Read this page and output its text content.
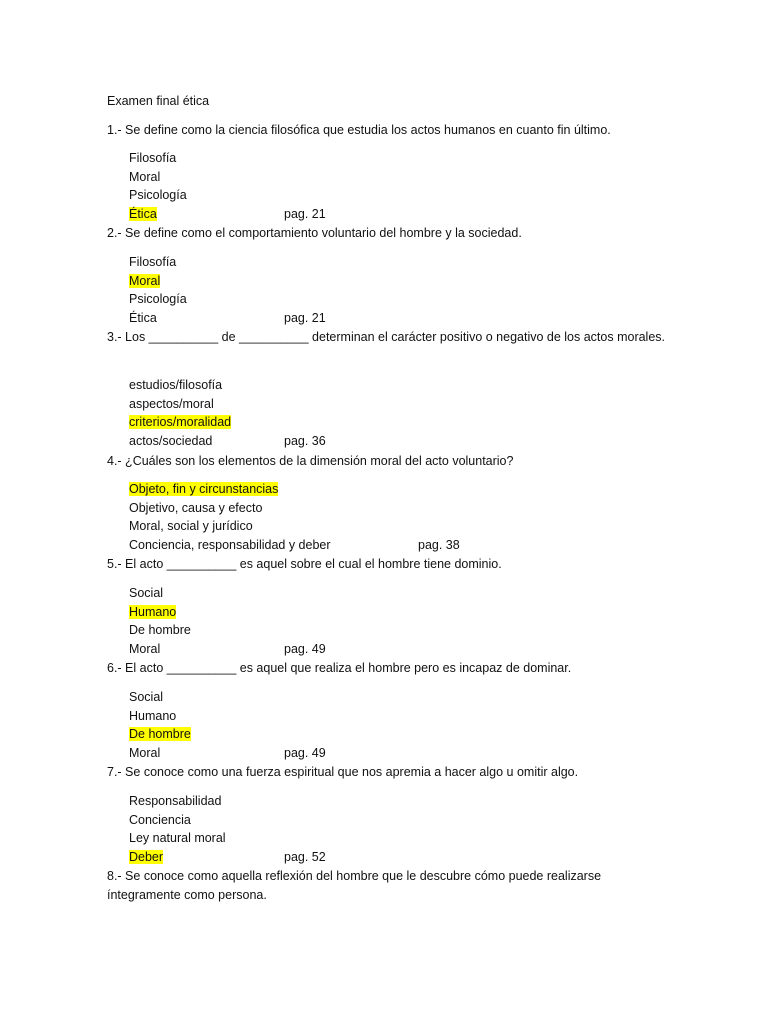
Examen final ética
1.- Se define como la ciencia filosófica que estudia los actos humanos en cuanto fin último.
Filosofía
Moral
Psicología
Ética	pag. 21
2.- Se define como el comportamiento voluntario del hombre y la sociedad.
Filosofía
Moral
Psicología
Ética	pag. 21
3.- Los __________ de __________ determinan el carácter positivo o negativo de los actos morales.
estudios/filosofía
aspectos/moral
criterios/moralidad
actos/sociedad	pag. 36
4.- ¿Cuáles son los elementos de la dimensión moral del acto voluntario?
Objeto, fin y circunstancias
Objetivo, causa y efecto
Moral, social y jurídico
Conciencia, responsabilidad y deber	pag. 38
5.- El acto __________ es aquel sobre el cual el hombre tiene dominio.
Social
Humano
De hombre
Moral	pag. 49
6.- El acto __________ es aquel que realiza el hombre pero es incapaz de dominar.
Social
Humano
De hombre
Moral	pag. 49
7.- Se conoce como una fuerza espiritual que nos apremia a hacer algo u omitir algo.
Responsabilidad
Conciencia
Ley natural moral
Deber	pag. 52
8.- Se conoce como aquella reflexión del hombre que le descubre cómo puede realizarse íntegramente como persona.
